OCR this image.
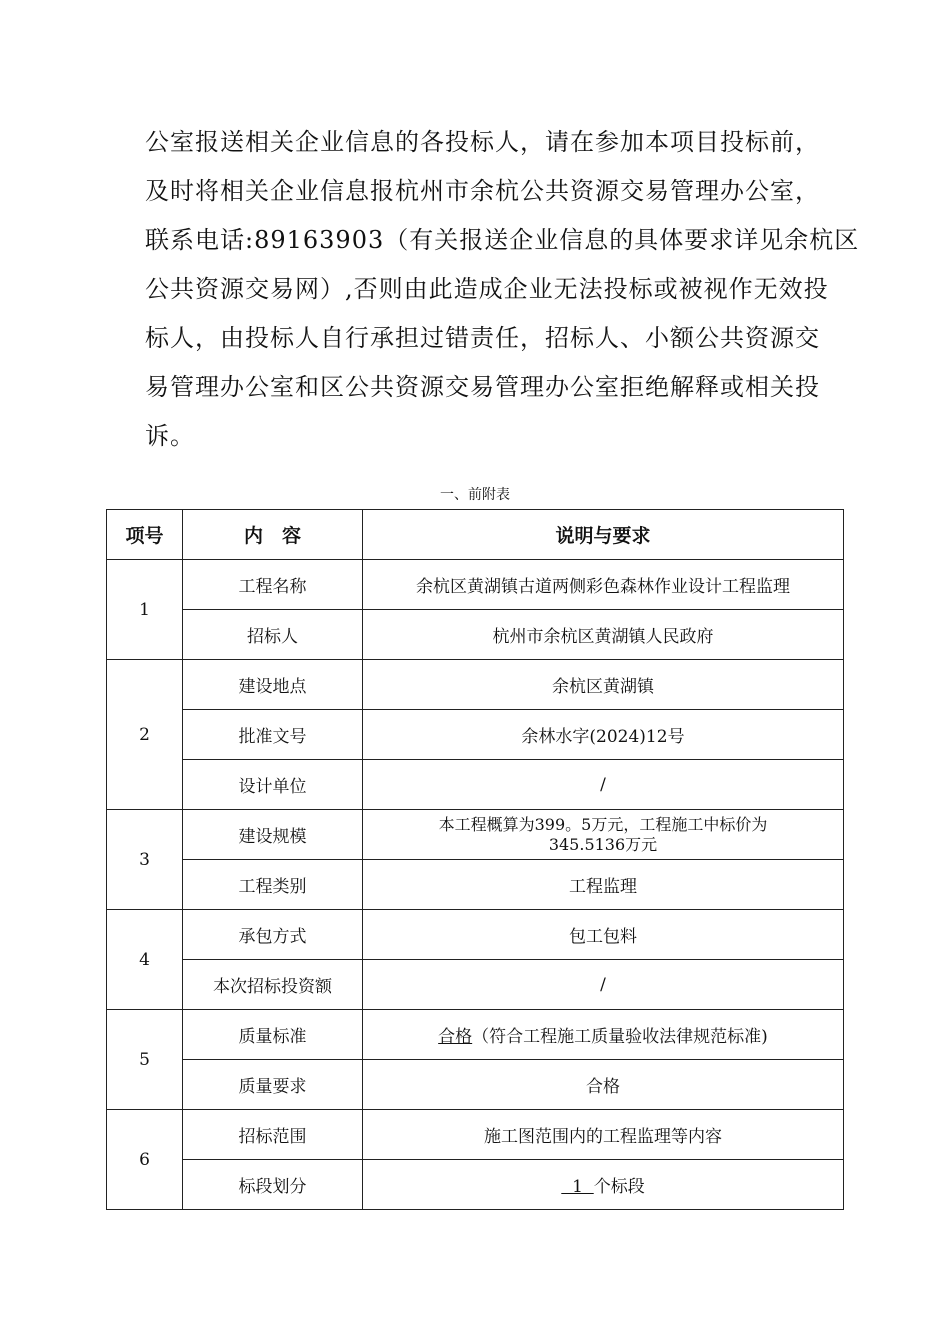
公室报送相关企业信息的各投标人，请在参加本项目投标前，
及时将相关企业信息报杭州市余杭公共资源交易管理办公室，
联系电话:89163903（有关报送企业信息的具体要求详见余杭区
公共资源交易网）,否则由此造成企业无法投标或被视作无效投
标人，由投标人自行承担过错责任，招标人、小额公共资源交
易管理办公室和区公共资源交易管理办公室拒绝解释或相关投
诉。
一、前附表
项号	内　容	说明与要求
1	工程名称	余杭区黄湖镇古道两侧彩色森林作业设计工程监理
	招标人	杭州市余杭区黄湖镇人民政府
2	建设地点	余杭区黄湖镇
	批准文号	余林水字(2024)12号
	设计单位	/
3	建设规模	本工程概算为399。5万元，工程施工中标价为
345.5136万元

	工程类别	工程监理
4	承包方式	包工包料
	本次招标投资额	/
5	质量标准	合格（符合工程施工质量验收法律规范标准)
	质量要求	合格
6	招标范围	施工图范围内的工程监理等内容
	标段划分	1  个标段
